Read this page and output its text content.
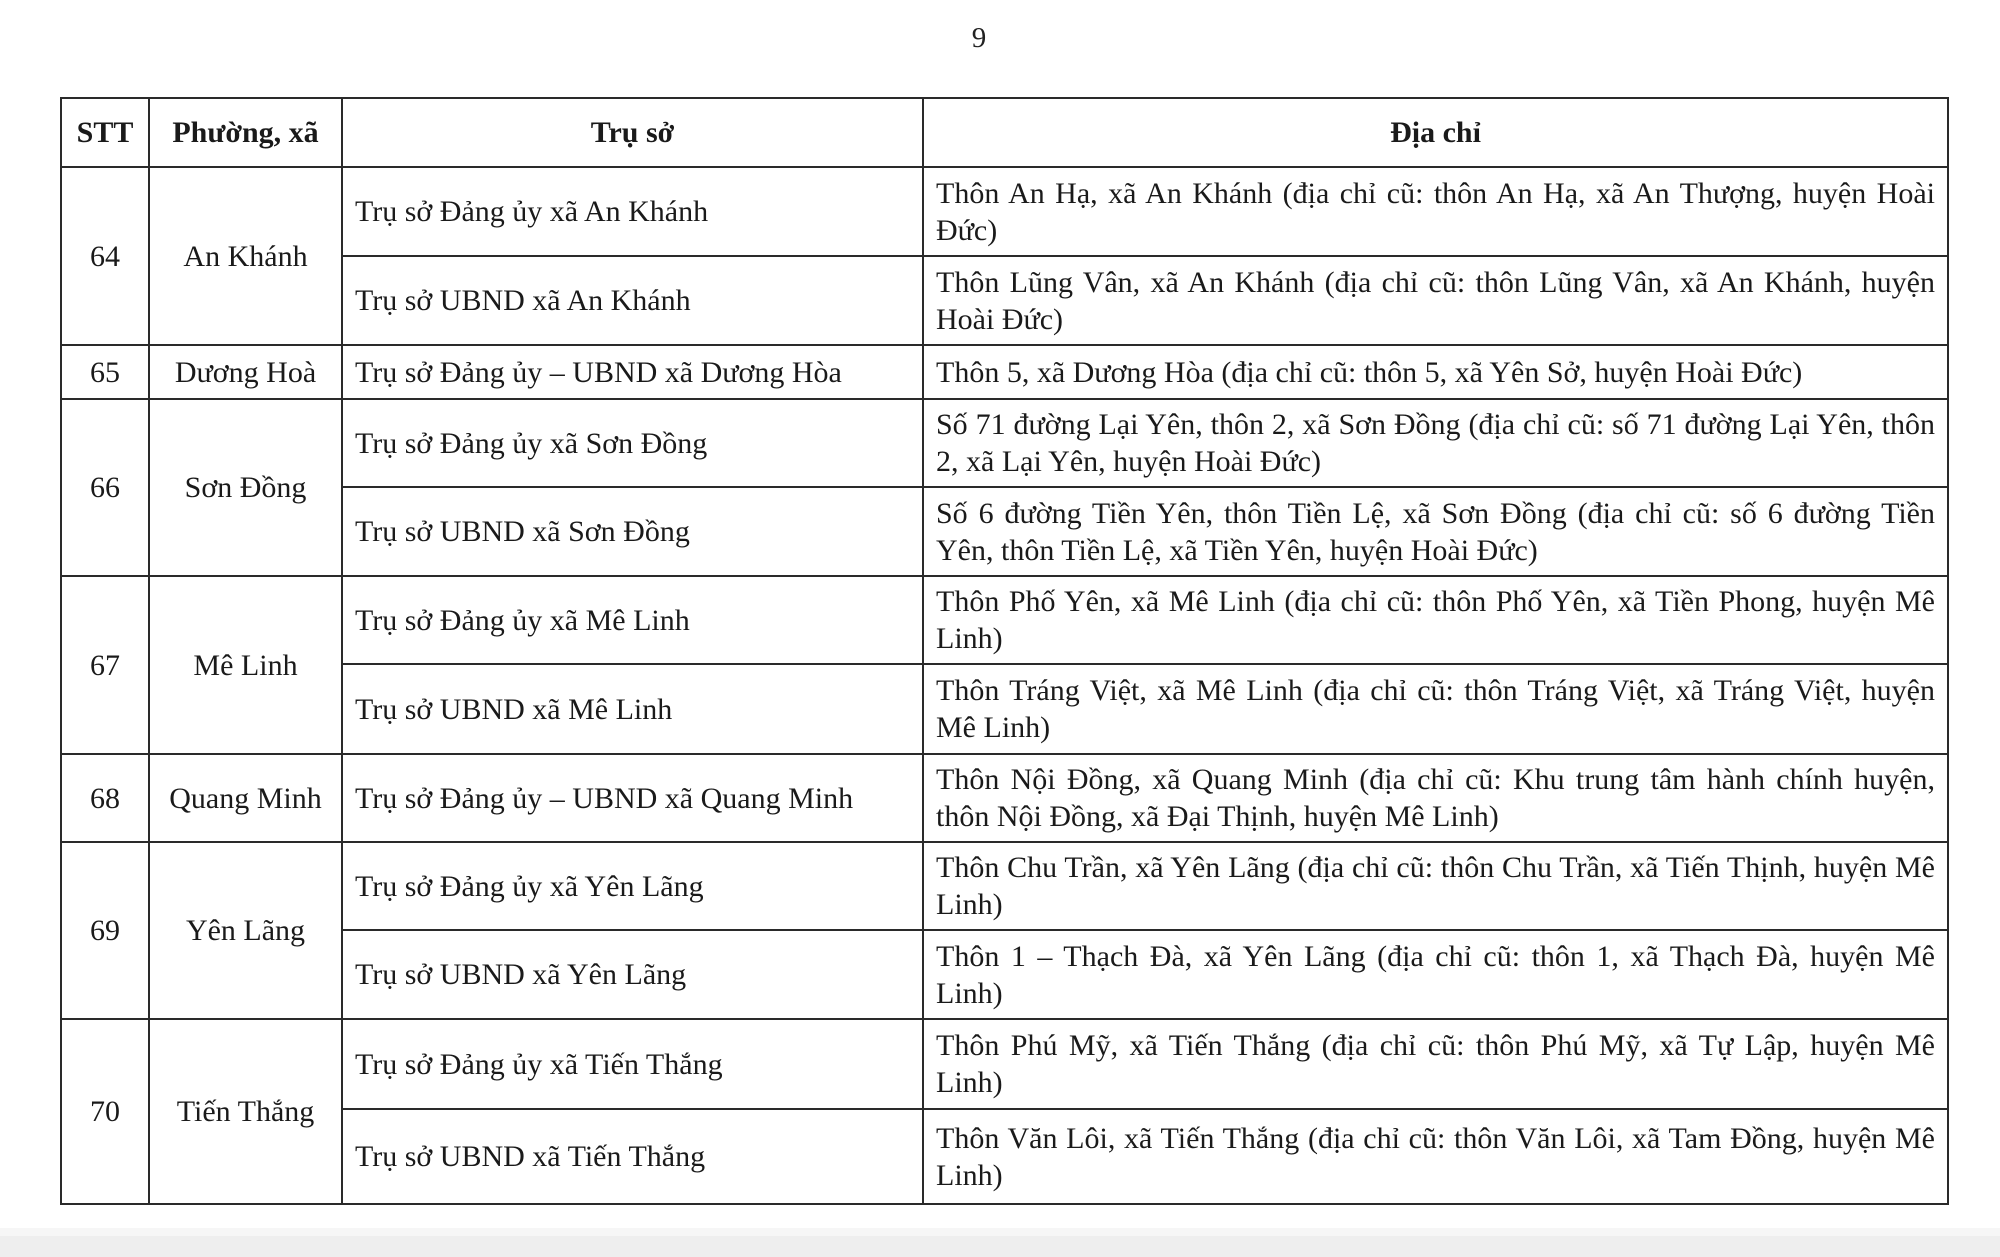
9
STT	Phường, xã	Trụ sở	Địa chỉ
64	An Khánh	Trụ sở Đảng ủy xã An Khánh	Thôn An Hạ, xã An Khánh (địa chỉ cũ: thôn An Hạ, xã An Thượng, huyện Hoài Đức)
		Trụ sở UBND xã An Khánh	Thôn Lũng Vân, xã An Khánh (địa chỉ cũ: thôn Lũng Vân, xã An Khánh, huyện Hoài Đức)
65	Dương Hoà	Trụ sở Đảng ủy – UBND xã Dương Hòa	Thôn 5, xã Dương Hòa (địa chỉ cũ: thôn 5, xã Yên Sở, huyện Hoài Đức)
66	Sơn Đồng	Trụ sở Đảng ủy xã Sơn Đồng	Số 71 đường Lại Yên, thôn 2, xã Sơn Đồng (địa chỉ cũ: số 71 đường Lại Yên, thôn 2, xã Lại Yên, huyện Hoài Đức)
		Trụ sở UBND xã Sơn Đồng	Số 6 đường Tiền Yên, thôn Tiền Lệ, xã Sơn Đồng (địa chỉ cũ: số 6 đường Tiền Yên, thôn Tiền Lệ, xã Tiền Yên, huyện Hoài Đức)
67	Mê Linh	Trụ sở Đảng ủy xã Mê Linh	Thôn Phố Yên, xã Mê Linh (địa chỉ cũ: thôn Phố Yên, xã Tiền Phong, huyện Mê Linh)
		Trụ sở UBND xã Mê Linh	Thôn Tráng Việt, xã Mê Linh (địa chỉ cũ: thôn Tráng Việt, xã Tráng Việt, huyện Mê Linh)
68	Quang Minh	Trụ sở Đảng ủy – UBND xã Quang Minh	Thôn Nội Đồng, xã Quang Minh (địa chỉ cũ: Khu trung tâm hành chính huyện, thôn Nội Đồng, xã Đại Thịnh, huyện Mê Linh)
69	Yên Lãng	Trụ sở Đảng ủy xã Yên Lãng	Thôn Chu Trần, xã Yên Lãng (địa chỉ cũ: thôn Chu Trần, xã Tiến Thịnh, huyện Mê Linh)
		Trụ sở UBND xã Yên Lãng	Thôn 1 – Thạch Đà, xã Yên Lãng (địa chỉ cũ: thôn 1, xã Thạch Đà, huyện Mê Linh)
70	Tiến Thắng	Trụ sở Đảng ủy xã Tiến Thắng	Thôn Phú Mỹ, xã Tiến Thắng (địa chỉ cũ: thôn Phú Mỹ, xã Tự Lập, huyện Mê Linh)
		Trụ sở UBND xã Tiến Thắng	Thôn Văn Lôi, xã Tiến Thắng (địa chỉ cũ: thôn Văn Lôi, xã Tam Đồng, huyện Mê Linh)
